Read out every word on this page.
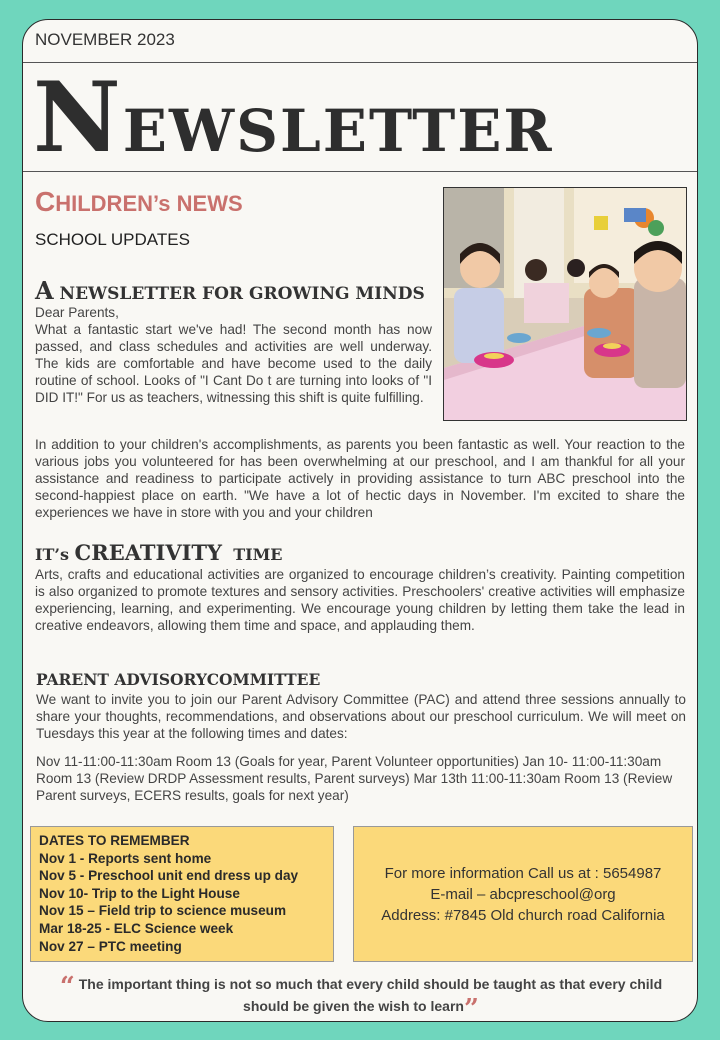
NOVEMBER 2023
NEWSLETTER
CHILDREN’s NEWS
SCHOOL UPDATES
A NEWSLETTER FOR GROWING MINDS
Dear Parents,
What a fantastic start we've had! The second month has now passed, and class schedules and activities are well underway. The kids are comfortable and have become used to the daily routine of school. Looks of "I Cant Do t are turning into looks of "I DID IT!" For us as teachers, witnessing this shift is quite fulfilling.
In addition to your children's accomplishments, as parents you been fantastic as well. Your reaction to the various jobs you volunteered for has been overwhelming at our preschool, and I am thankful for all your assistance and readiness to participate actively in providing assistance to turn ABC preschool into the second-happiest place on earth. "We have a lot of hectic days in November. I'm excited to share the experiences we have in store with you and your children
IT’s CREATIVITY TIME
Arts, crafts and educational activities are organized to encourage children’s creativity. Painting competition is also organized to promote textures and sensory activities. Preschoolers' creative activities will emphasize experiencing, learning, and experimenting. We encourage young children by letting them take the lead in creative endeavors, allowing them time and space, and applauding them.
PARENT ADVISORYCOMMITTEE
We want to invite you to join our Parent Advisory Committee (PAC) and attend three sessions annually to share your thoughts, recommendations, and observations about our preschool curriculum. We will meet on Tuesdays this year at the following times and dates:
Nov 11-11:00-11:30am Room 13 (Goals for year, Parent Volunteer opportunities) Jan 10- 11:00-11:30am Room 13 (Review DRDP Assessment results, Parent surveys) Mar 13th 11:00-11:30am Room 13 (Review Parent surveys, ECERS results, goals for next year)
DATES TO REMEMBER
Nov 1 - Reports sent home
Nov 5 - Preschool unit end dress up day
Nov 10- Trip to the Light House
Nov 15 – Field trip to science museum
Mar 18-25 - ELC Science week
Nov 27 – PTC meeting
For more information Call us at : 5654987
E-mail – abcpreschool@org
Address: #7845 Old church road California
“ The important thing is not so much that every child should be taught as that every child should be given the wish to learn”
